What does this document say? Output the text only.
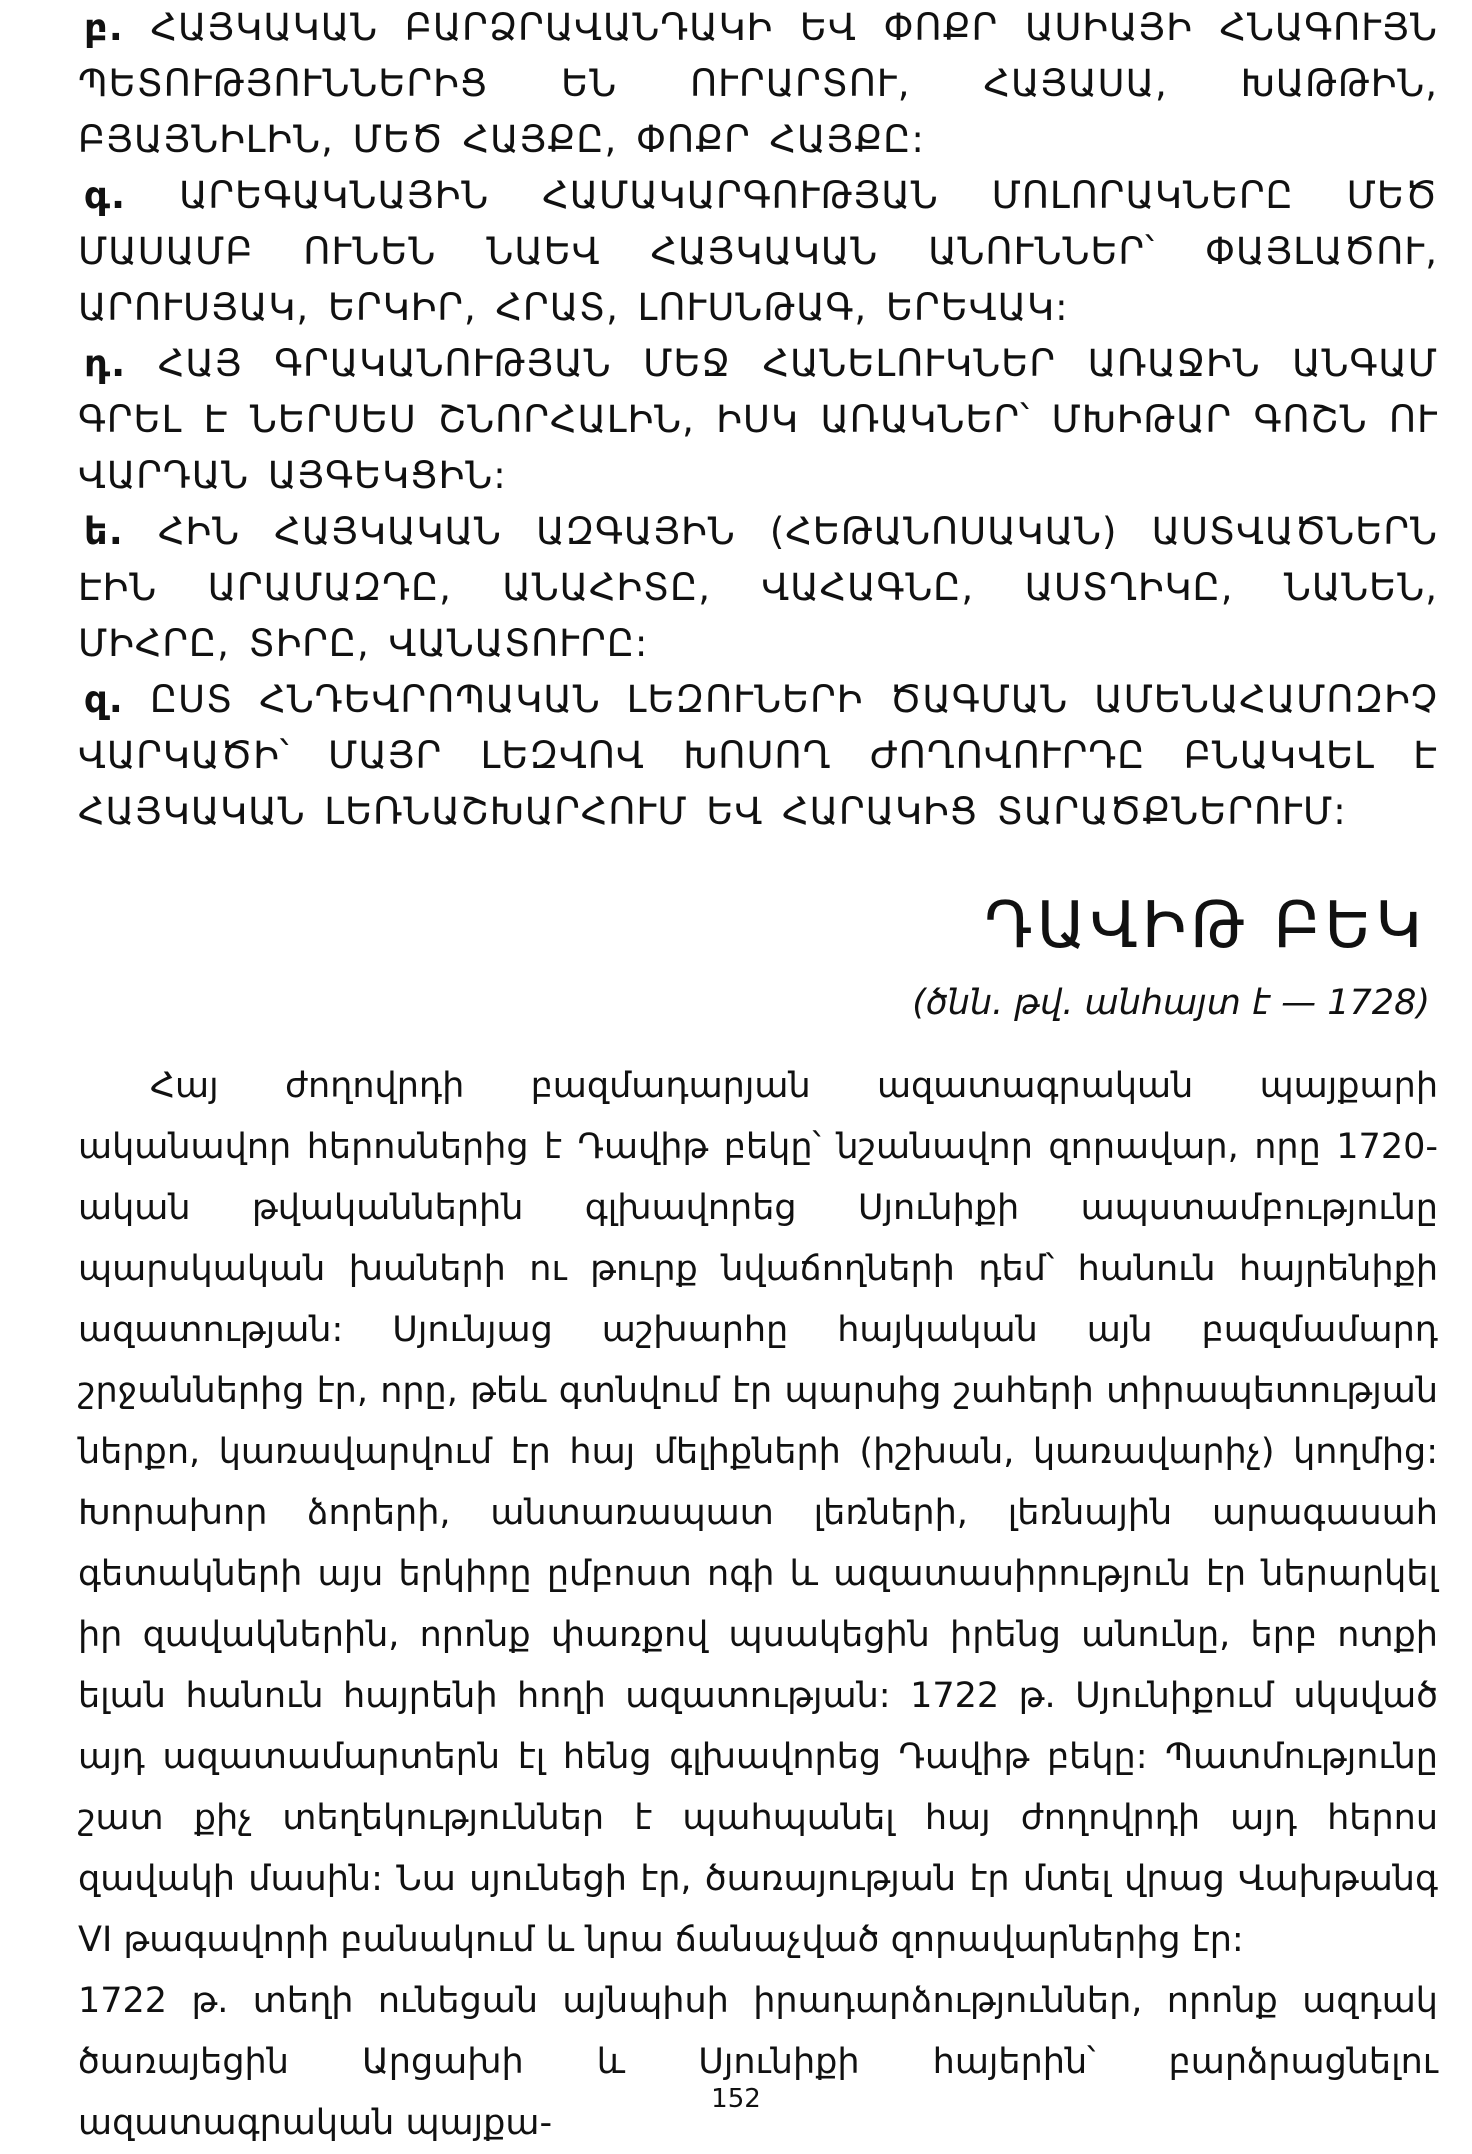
բ. ՀԱՅԿԱԿԱՆ ԲԱՐՁՐԱՎԱՆԴԱԿԻ ԵՎ ՓՈՔՐ ԱՍԻԱՅԻ ՀՆԱԳՈՒՅՆ ՊԵՏՈՒԹՅՈՒՆՆԵՐԻՑ ԵՆ ՈՒՐԱՐՏՈՒ, ՀԱՅԱՍԱ, ԽԱԹԹԻՆ, ԲՅԱՅՆԻԼԻՆ, ՄԵԾ ՀԱՅՔԸ, ՓՈՔՐ ՀԱՅՔԸ:

գ. ԱՐԵԳԱԿՆԱՅԻՆ ՀԱՄԱԿԱՐԳՈՒԹՅԱՆ ՄՈԼՈՐԱԿՆԵՐԸ ՄԵԾ ՄԱՍԱՄԲ ՈՒՆԵՆ ՆԱԵՎ ՀԱՅԿԱԿԱՆ ԱՆՈՒՆՆԵՐ՝ ՓԱՅԼԱԾՈՒ, ԱՐՈՒՍՅԱԿ, ԵՐԿԻՐ, ՀՐԱՏ, ԼՈՒՍՆԹԱԳ, ԵՐԵՎԱԿ:

դ. ՀԱՅ ԳՐԱԿԱՆՈՒԹՅԱՆ ՄԵՋ ՀԱՆԵԼՈՒԿՆԵՐ ԱՌԱՋԻՆ ԱՆԳԱՄ ԳՐԵԼ Է ՆԵՐՍԵՍ ՇՆՈՐՀԱԼԻՆ, ԻՍԿ ԱՌԱԿՆԵՐ՝ ՄԽԻԹԱՐ ԳՈՇՆ ՈՒ ՎԱՐԴԱՆ ԱՅԳԵԿՑԻՆ:

ե. ՀԻՆ ՀԱՅԿԱԿԱՆ ԱԶԳԱՅԻՆ (ՀԵԹԱՆՈՍԱԿԱՆ) ԱՍՏՎԱԾՆԵՐՆ ԷԻՆ ԱՐԱՄԱԶԴԸ, ԱՆԱՀԻՏԸ, ՎԱՀԱԳՆԸ, ԱՍՏՂԻԿԸ, ՆԱՆԵՆ, ՄԻՀՐԸ, ՏԻՐԸ, ՎԱՆԱՏՈՒՐԸ:

զ. ԸՍՏ ՀՆԴԵՎՐՈՊԱԿԱՆ ԼԵԶՈՒՆԵՐԻ ԾԱԳՄԱՆ ԱՄԵՆԱՀԱՄՈԶԻՉ ՎԱՐԿԱԾԻ՝ ՄԱՅՐ ԼԵԶՎՈՎ ԽՈՍՈՂ ԺՈՂՈՎՈՒՐԴԸ ԲՆԱԿՎԵԼ Է ՀԱՅԿԱԿԱՆ ԼԵՌՆԱՇԽԱՐՀՈՒՄ ԵՎ ՀԱՐԱԿԻՑ ՏԱՐԱԾՔՆԵՐՈՒՄ:

ԴԱՎԻԹ ԲԵԿ

(ծնն. թվ. անհայտ է — 1728)

Հայ ժողովրդի բազմադարյան ազատագրական պայքարի ականավոր հերոսներից է Դավիթ բեկը՝ նշանավոր զորավար, որը 1720-ական թվականներին գլխավորեց Սյունիքի ապստամբությունը պարսկական խաների ու թուրք նվաճողների դեմ՝ հանուն հայրենիքի ազատության: Սյունյաց աշխարհը հայկական այն բազմամարդ շրջաններից էր, որը, թեև գտնվում էր պարսից շահերի տիրապետության ներքո, կառավարվում էր հայ մելիքների (իշխան, կառավարիչ) կողմից: Խորախոր ձորերի, անտառապատ լեռների, լեռնային արագասահ գետակների այս երկիրը ըմբոստ ոգի և ազատասիրություն էր ներարկել իր զավակներին, որոնք փառքով պսակեցին իրենց անունը, երբ ոտքի ելան հանուն հայրենի հողի ազատության: 1722 թ. Սյունիքում սկսված այդ ազատամարտերն էլ հենց գլխավորեց Դավիթ բեկը: Պատմությունը շատ քիչ տեղեկություններ է պահպանել հայ ժողովրդի այդ հերոս զավակի մասին: Նա սյունեցի էր, ծառայության էր մտել վրաց Վախթանգ VI թագավորի բանակում և նրա ճանաչված զորավարներից էր:

1722 թ. տեղի ունեցան այնպիսի իրադարձություններ, որոնք ազդակ ծառայեցին Արցախի և Սյունիքի հայերին՝ բարձրացնելու ազատագրական պայքա-

152
